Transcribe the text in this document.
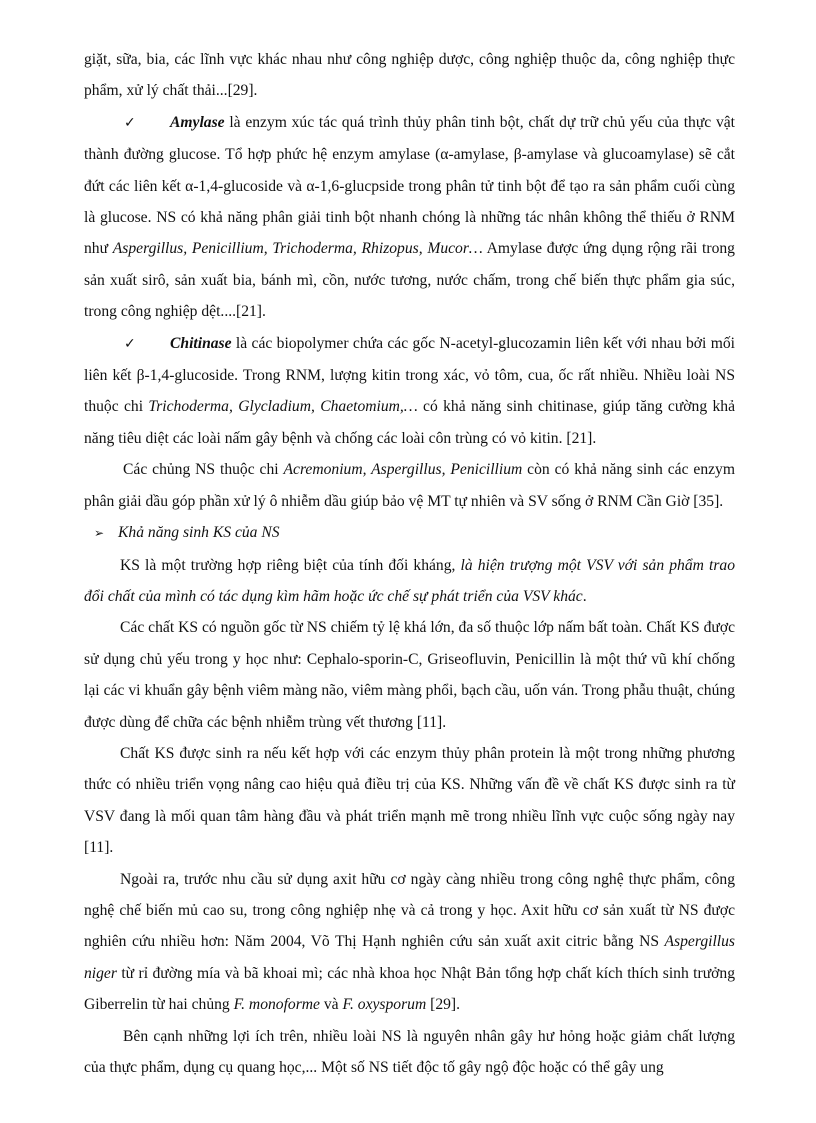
giặt, sữa, bia, các lĩnh vực khác nhau như công nghiệp dược, công nghiệp thuộc da, công nghiệp thực phẩm, xử lý chất thải...[29].

✓ Amylase là enzym xúc tác quá trình thủy phân tinh bột, chất dự trữ chủ yếu của thực vật thành đường glucose. Tổ hợp phức hệ enzym amylase (α-amylase, β-amylase và glucoamylase) sẽ cắt đứt các liên kết α-1,4-glucoside và α-1,6-glucpside trong phân tử tinh bột để tạo ra sản phẩm cuối cùng là glucose. NS có khả năng phân giải tinh bột nhanh chóng là những tác nhân không thể thiếu ở RNM như Aspergillus, Penicillium, Trichoderma, Rhizopus, Mucor… Amylase được ứng dụng rộng rãi trong sản xuất sirô, sản xuất bia, bánh mì, cồn, nước tương, nước chấm, trong chế biến thực phẩm gia súc, trong công nghiệp dệt....[21].

✓ Chitinase là các biopolymer chứa các gốc N-acetyl-glucozamin liên kết với nhau bởi mối liên kết β-1,4-glucoside. Trong RNM, lượng kitin trong xác, vỏ tôm, cua, ốc rất nhiều. Nhiều loài NS thuộc chi Trichoderma, Glycladium, Chaetomium,… có khả năng sinh chitinase, giúp tăng cường khả năng tiêu diệt các loài nấm gây bệnh và chống các loài côn trùng có vỏ kitin. [21].

Các chủng NS thuộc chi Acremonium, Aspergillus, Penicillium còn có khả năng sinh các enzym phân giải dầu góp phần xử lý ô nhiễm dầu giúp bảo vệ MT tự nhiên và SV sống ở RNM Cần Giờ [35].

➢ Khả năng sinh KS của NS

KS là một trường hợp riêng biệt của tính đối kháng, là hiện trượng một VSV với sản phẩm trao đổi chất của mình có tác dụng kìm hãm hoặc ức chế sự phát triển của VSV khác.

Các chất KS có nguồn gốc từ NS chiếm tỷ lệ khá lớn, đa số thuộc lớp nấm bất toàn. Chất KS được sử dụng chủ yếu trong y học như: Cephalo-sporin-C, Griseofluvin, Penicillin là một thứ vũ khí chống lại các vi khuẩn gây bệnh viêm màng não, viêm màng phổi, bạch cầu, uốn ván. Trong phẫu thuật, chúng được dùng để chữa các bệnh nhiễm trùng vết thương [11].

Chất KS được sinh ra nếu kết hợp với các enzym thủy phân protein là một trong những phương thức có nhiều triển vọng nâng cao hiệu quả điều trị của KS. Những vấn đề về chất KS được sinh ra từ VSV đang là mối quan tâm hàng đầu và phát triển mạnh mẽ trong nhiều lĩnh vực cuộc sống ngày nay [11].

Ngoài ra, trước nhu cầu sử dụng axit hữu cơ ngày càng nhiều trong công nghệ thực phẩm, công nghệ chế biến mủ cao su, trong công nghiệp nhẹ và cả trong y học. Axit hữu cơ sản xuất từ NS được nghiên cứu nhiều hơn: Năm 2004, Võ Thị Hạnh nghiên cứu sản xuất axit citric bằng NS Aspergillus niger từ rỉ đường mía và bã khoai mì; các nhà khoa học Nhật Bản tổng hợp chất kích thích sinh trưởng Giberrelin từ hai chủng F. monoforme và F. oxysporum [29].

Bên cạnh những lợi ích trên, nhiều loài NS là nguyên nhân gây hư hỏng hoặc giảm chất lượng của thực phẩm, dụng cụ quang học,... Một số NS tiết độc tố gây ngộ độc hoặc có thể gây ung
